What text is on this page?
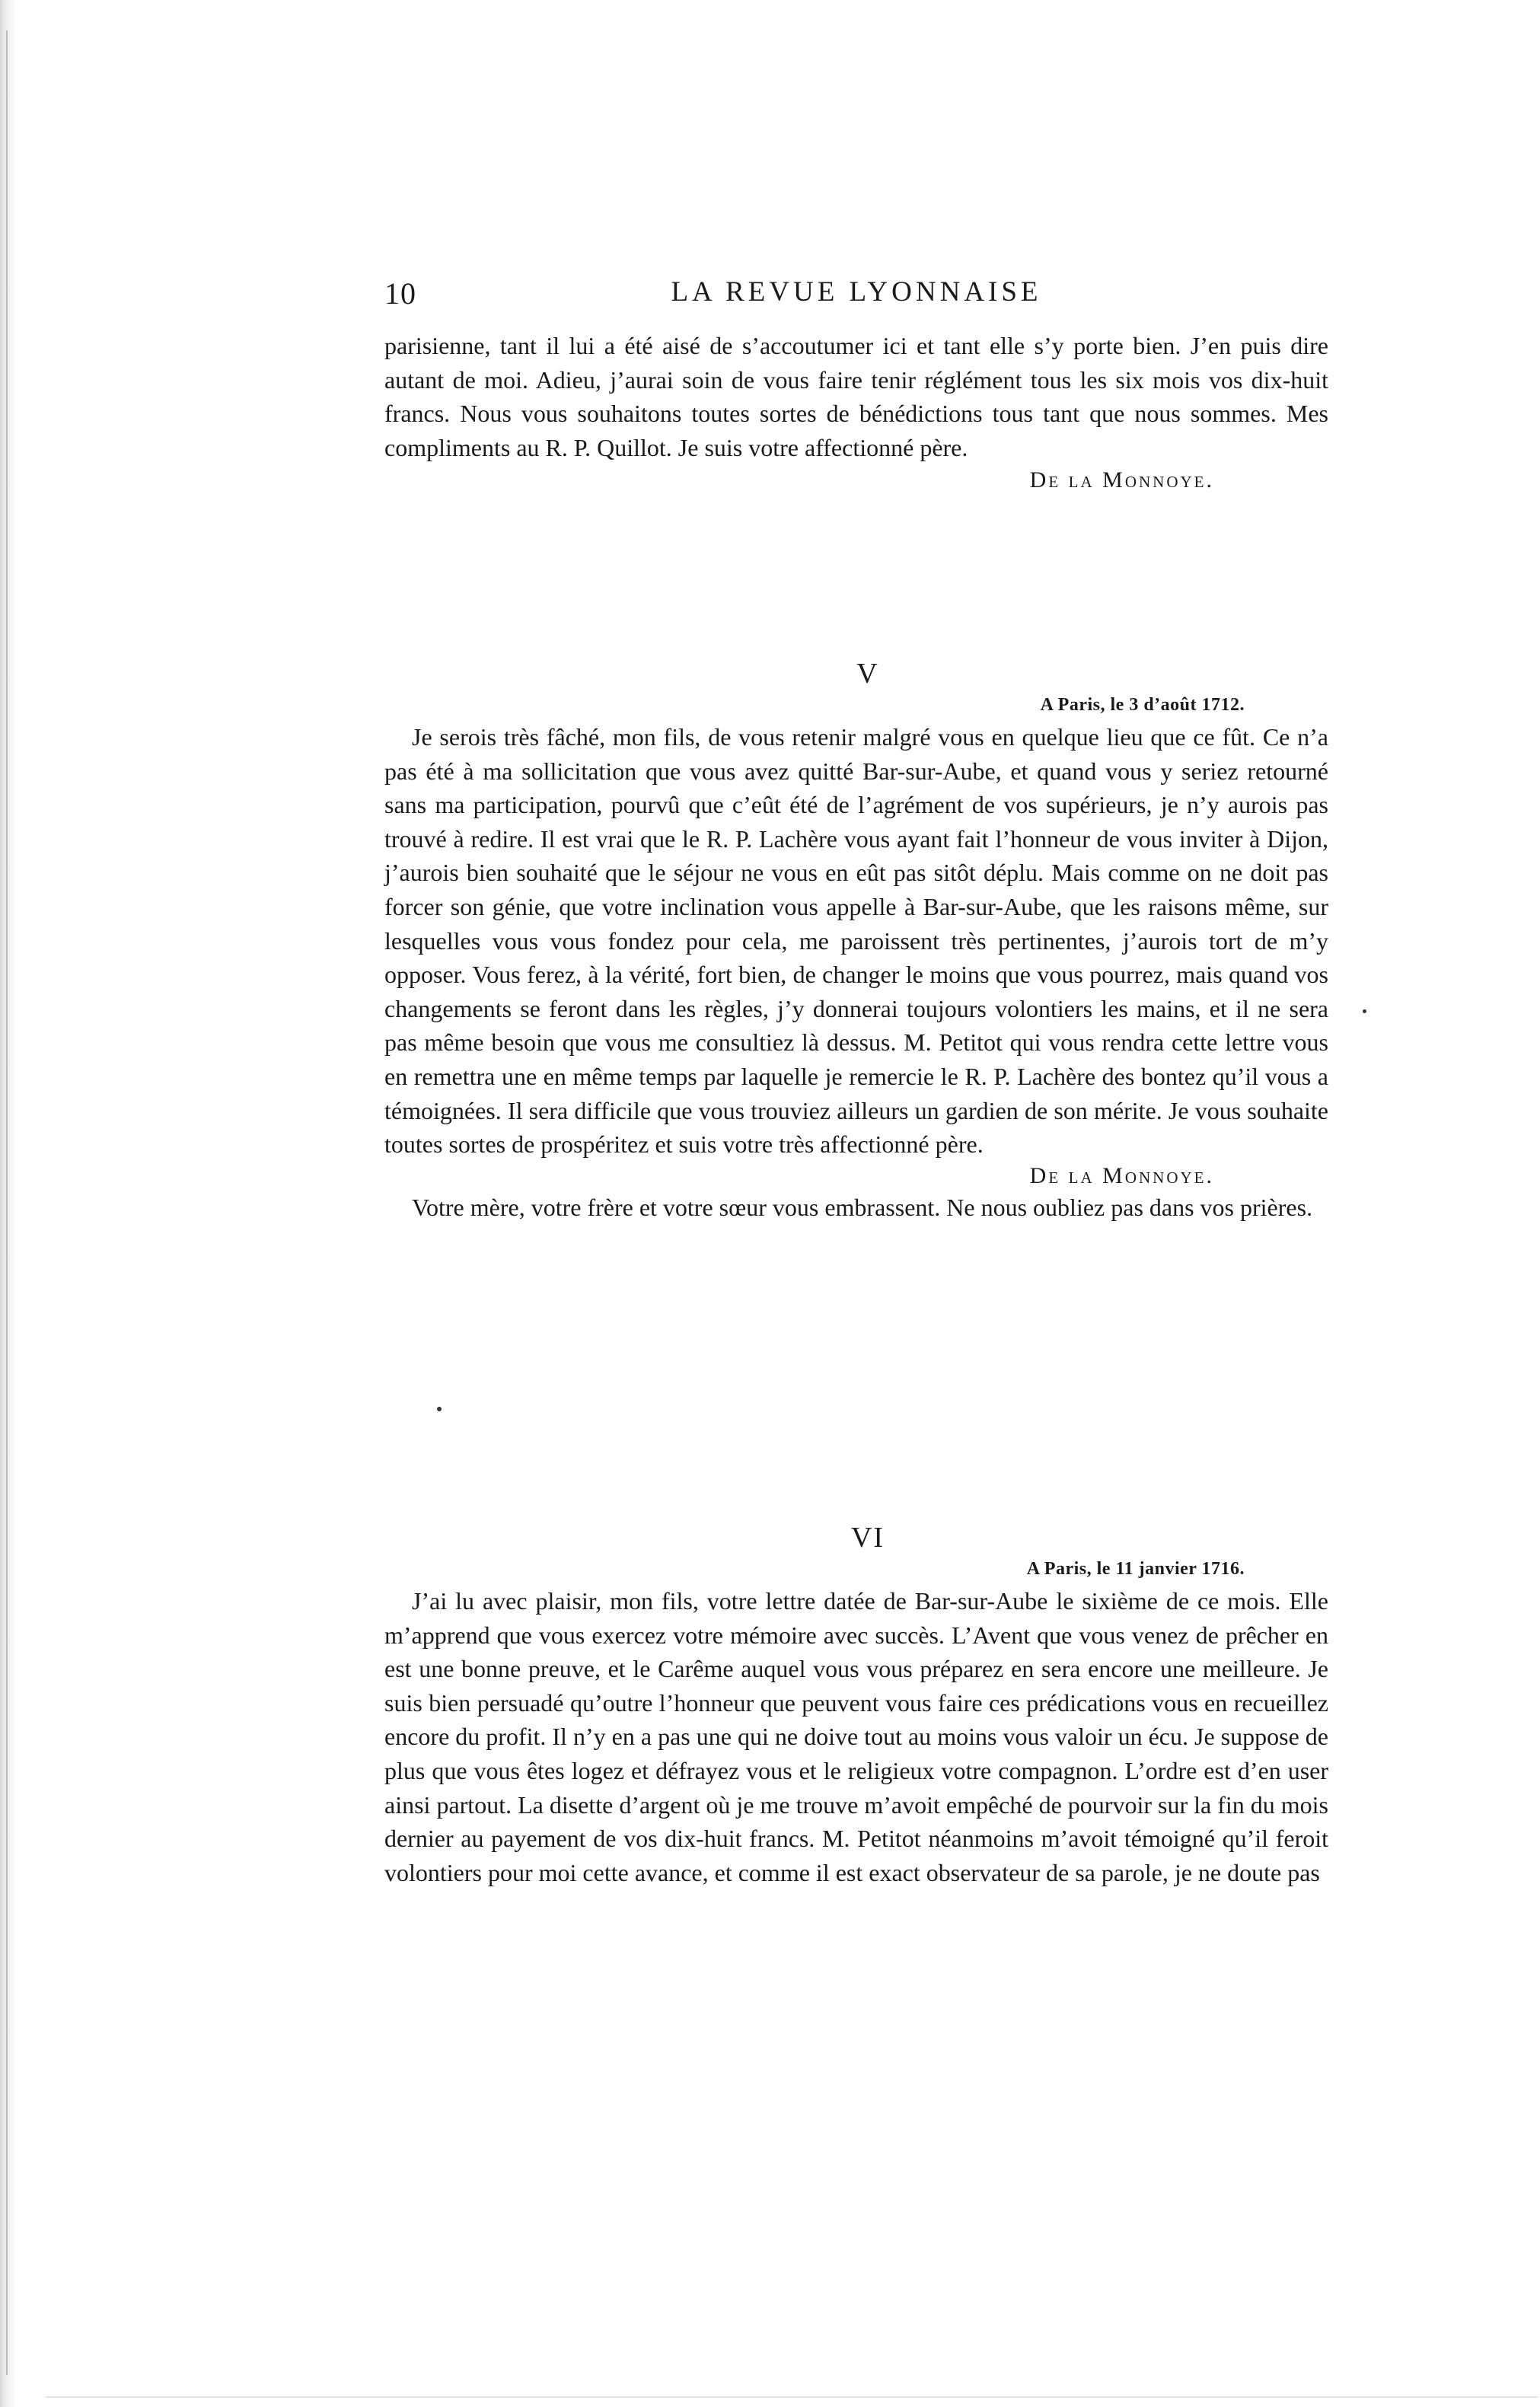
10	LA REVUE LYONNAISE

parisienne, tant il lui a été aisé de s’accoutumer ici et tant elle s’y porte bien. J’en puis dire autant de moi. Adieu, j’aurai soin de vous faire tenir réglément tous les six mois vos dix-huit francs. Nous vous souhaitons toutes sortes de bénédictions tous tant que nous sommes. Mes compliments au R. P. Quillot. Je suis votre affectionné père.

De la Monnoye.
V
A Paris, le 3 d’août 1712.

Je serois très fâché, mon fils, de vous retenir malgré vous en quelque lieu que ce fût. Ce n’a pas été à ma sollicitation que vous avez quitté Bar-sur-Aube, et quand vous y seriez retourné sans ma participation, pourvû que c’eût été de l’agrément de vos supérieurs, je n’y aurois pas trouvé à redire. Il est vrai que le R. P. Lachère vous ayant fait l’honneur de vous inviter à Dijon, j’aurois bien souhaité que le séjour ne vous en eût pas sitôt déplu. Mais comme on ne doit pas forcer son génie, que votre inclination vous appelle à Bar-sur-Aube, que les raisons même, sur lesquelles vous vous fondez pour cela, me paroissent très pertinentes, j’aurois tort de m’y opposer. Vous ferez, à la vérité, fort bien, de changer le moins que vous pourrez, mais quand vos changements se feront dans les règles, j’y donnerai toujours volontiers les mains, et il ne sera pas même besoin que vous me consultiez là dessus. M. Petitot qui vous rendra cette lettre vous en remettra une en même temps par laquelle je remercie le R. P. Lachère des bontez qu’il vous a témoignées. Il sera difficile que vous trouviez ailleurs un gardien de son mérite. Je vous souhaite toutes sortes de prospéritez et suis votre très affectionné père.

De la Monnoye.

Votre mère, votre frère et votre sœur vous embrassent. Ne nous oubliez pas dans vos prières.

VI
A Paris, le 11 janvier 1716.

J’ai lu avec plaisir, mon fils, votre lettre datée de Bar-sur-Aube le sixième de ce mois. Elle m’apprend que vous exercez votre mémoire avec succès. L’Avent que vous venez de prêcher en est une bonne preuve, et le Carême auquel vous vous préparez en sera encore une meilleure. Je suis bien persuadé qu’outre l’honneur que peuvent vous faire ces prédications vous en recueillez encore du profit. Il n’y en a pas une qui ne doive tout au moins vous valoir un écu. Je suppose de plus que vous êtes logez et défrayez vous et le religieux votre compagnon. L’ordre est d’en user ainsi partout. La disette d’argent où je me trouve m’avoit empêché de pourvoir sur la fin du mois dernier au payement de vos dix-huit francs. M. Petitot néanmoins m’avoit témoigné qu’il feroit volontiers pour moi cette avance, et comme il est exact observateur de sa parole, je ne doute pas
